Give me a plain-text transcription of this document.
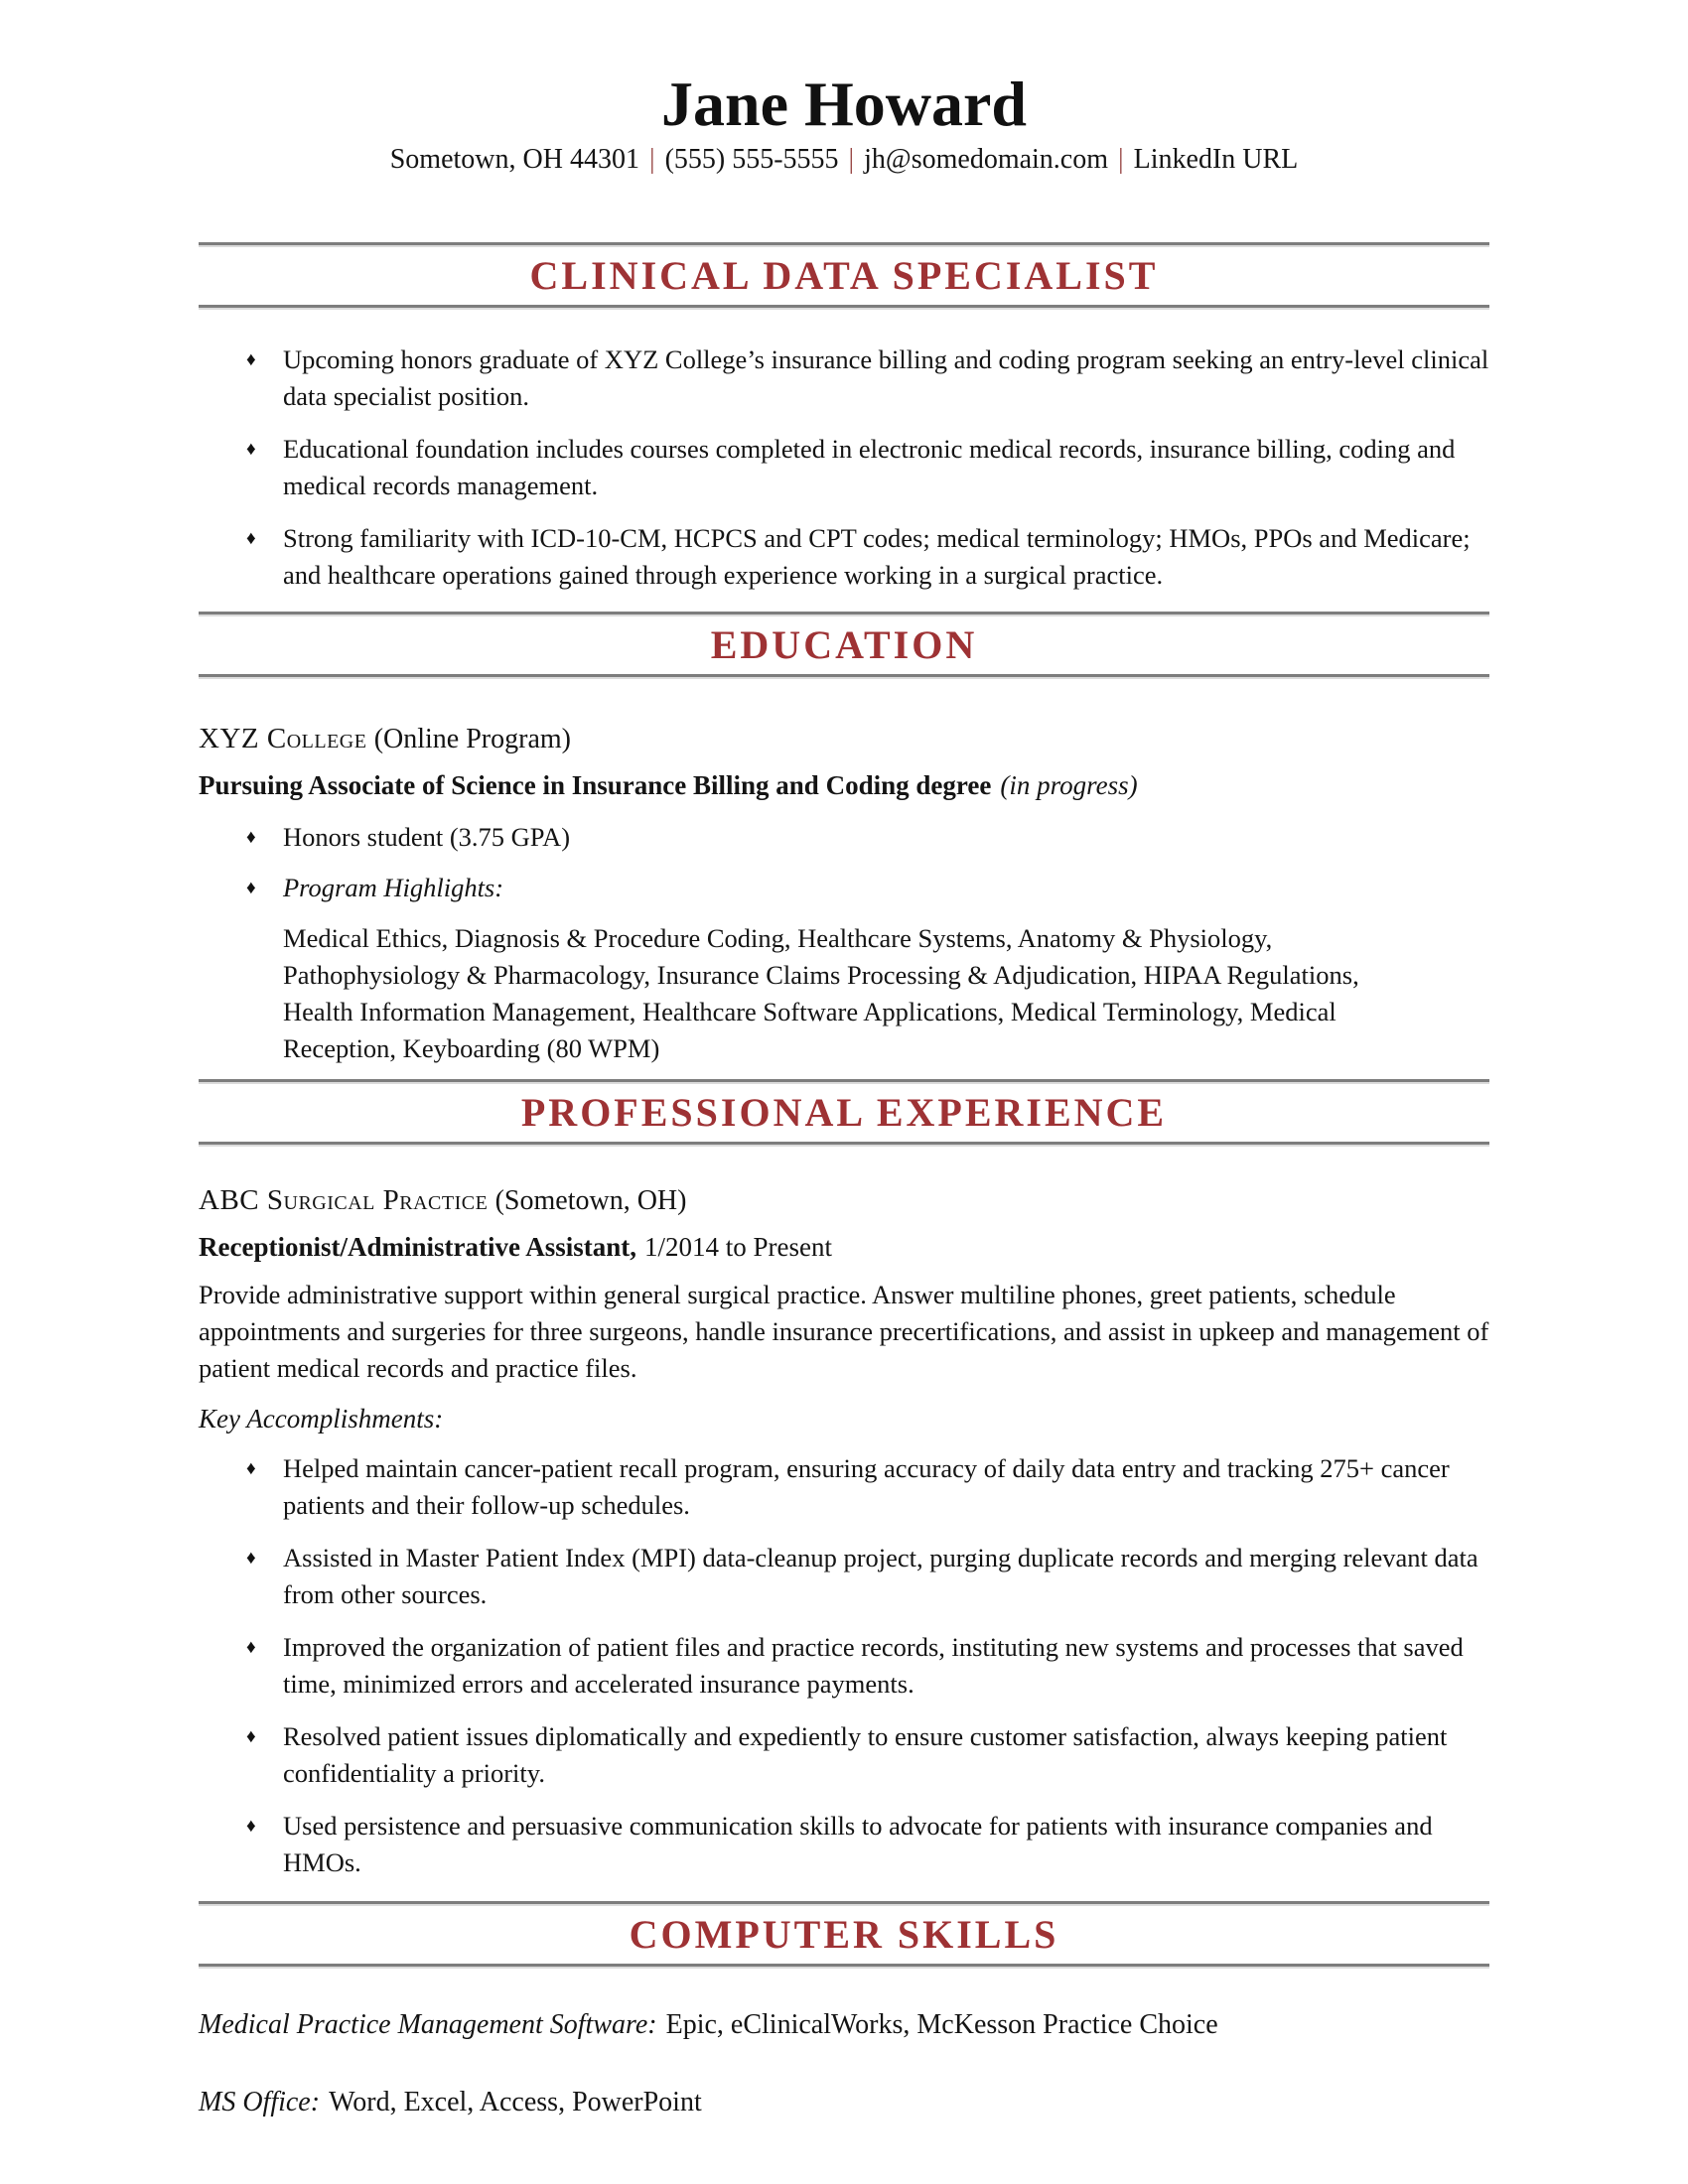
Jane Howard

Sometown, OH 44301 | (555) 555-5555 | jh@somedomain.com | LinkedIn URL

CLINICAL DATA SPECIALIST
♦	Upcoming honors graduate of XYZ College’s insurance billing and coding program seeking an entry-level clinical data specialist position.
♦	Educational foundation includes courses completed in electronic medical records, insurance billing, coding and medical records management.
♦	Strong familiarity with ICD-10-CM, HCPCS and CPT codes; medical terminology; HMOs, PPOs and Medicare; and healthcare operations gained through experience working in a surgical practice.
EDUCATION

XYZ College (Online Program)

Pursuing Associate of Science in Insurance Billing and Coding degree (in progress)

♦	Honors student (3.75 GPA)
♦	Program Highlights:

Medical Ethics, Diagnosis & Procedure Coding, Healthcare Systems, Anatomy & Physiology, Pathophysiology & Pharmacology, Insurance Claims Processing & Adjudication, HIPAA Regulations, Health Information Management, Healthcare Software Applications, Medical Terminology, Medical Reception, Keyboarding (80 WPM)

PROFESSIONAL EXPERIENCE

ABC Surgical Practice (Sometown, OH)

Receptionist/Administrative Assistant, 1/2014 to Present

Provide administrative support within general surgical practice. Answer multiline phones, greet patients, schedule appointments and surgeries for three surgeons, handle insurance precertifications, and assist in upkeep and management of patient medical records and practice files.

Key Accomplishments:

♦	Helped maintain cancer-patient recall program, ensuring accuracy of daily data entry and tracking 275+ cancer patients and their follow-up schedules.
♦	Assisted in Master Patient Index (MPI) data-cleanup project, purging duplicate records and merging relevant data from other sources.
♦	Improved the organization of patient files and practice records, instituting new systems and processes that saved time, minimized errors and accelerated insurance payments.
♦	Resolved patient issues diplomatically and expediently to ensure customer satisfaction, always keeping patient confidentiality a priority.
♦	Used persistence and persuasive communication skills to advocate for patients with insurance companies and HMOs.
COMPUTER SKILLS

Medical Practice Management Software: Epic, eClinicalWorks, McKesson Practice Choice

MS Office: Word, Excel, Access, PowerPoint
